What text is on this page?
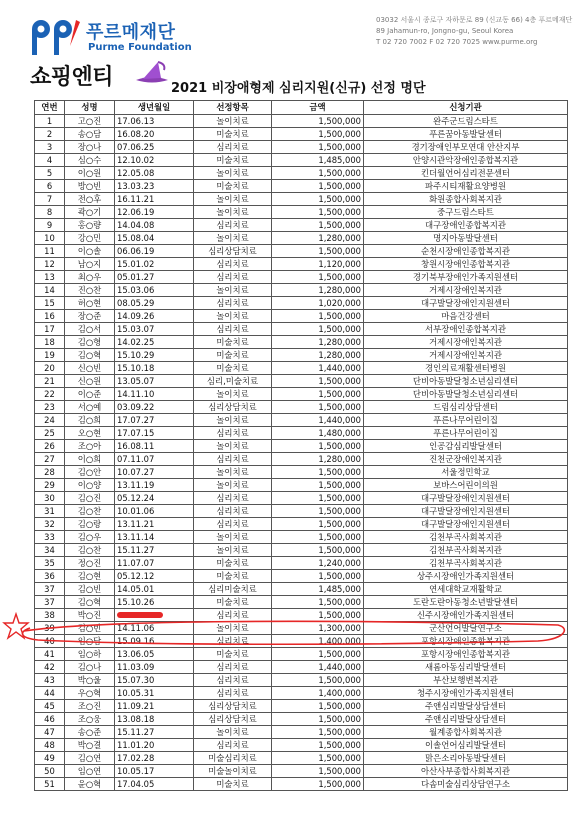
푸르메재단
Purme Foundation
03032 서울시 종로구 자하문로 89 (신교동 66) 4층 푸르메재단
89 Jahamun-ro, Jongno-gu, Seoul Korea
T 02 720 7002 F 02 720 7025 www.purme.org
쇼핑엔티	2021 비장애형제 심리지원(신규) 선정 명단
연번	성명	생년월일	선정항목	금액	신청기관
1	고○진	17.06.13	놀이치료	1,500,000	완주군드림스타트
2	송○담	16.08.20	미술치료	1,500,000	푸른꿈아동발달센터
3	장○나	07.06.25	심리치료	1,500,000	경기장애인부모연대 안산지부
4	심○수	12.10.02	미술치료	1,485,000	안양시관악장애인종합복지관
5	이○원	12.05.08	놀이치료	1,500,000	킨더월언어심리전문센터
6	방○빈	13.03.23	미술치료	1,500,000	파주시티재활요양병원
7	전○후	16.11.21	놀이치료	1,500,000	화원종합사회복지관
8	곽○기	12.06.19	놀이치료	1,500,000	중구드림스타트
9	홍○량	14.04.08	심리치료	1,500,000	대구장애인종합복지관
10	강○민	15.08.04	놀이치료	1,280,000	명지아동발달센터
11	이○솔	06.06.19	심리상담치료	1,500,000	순천시장애인종합복지관
12	남○지	15.01.02	심리치료	1,120,000	창원시장애인종합복지관
13	최○우	05.01.27	심리치료	1,500,000	경기북부장애인가족지원센터
14	진○찬	15.03.06	놀이치료	1,280,000	거제시장애인복지관
15	허○현	08.05.29	심리치료	1,020,000	대구발달장애인지원센터
16	장○준	14.09.26	놀이치료	1,500,000	마음건강센터
17	김○서	15.03.07	심리치료	1,500,000	서부장애인종합복지관
18	김○형	14.02.25	미술치료	1,280,000	거제시장애인복지관
19	김○혁	15.10.29	미술치료	1,280,000	거제시장애인복지관
20	신○빈	15.10.18	미술치료	1,440,000	경인의료재활센터병원
21	신○원	13.05.07	심리,미술치료	1,500,000	단비아동발달청소년심리센터
22	이○준	14.11.10	놀이치료	1,500,000	단비아동발달청소년심리센터
23	서○예	03.09.22	심리상담치료	1,500,000	드림심리상담센터
24	김○희	17.07.27	놀이치료	1,440,000	푸른나무어린이집
25	오○현	17.07.15	심리치료	1,480,000	푸른나무어린이집
26	조○아	16.08.11	놀이치료	1,500,000	인공감심리발달센터
27	이○희	07.11.07	심리치료	1,280,000	진천군장애인복지관
28	김○안	10.07.27	놀이치료	1,500,000	서울정민학교
29	이○양	13.11.19	놀이치료	1,500,000	보바스어린이의원
30	김○진	05.12.24	심리치료	1,500,000	대구발달장애인지원센터
31	김○찬	10.01.06	심리치료	1,500,000	대구발달장애인지원센터
32	김○랑	13.11.21	심리치료	1,500,000	대구발달장애인지원센터
33	김○우	13.11.14	놀이치료	1,500,000	김천부곡사회복지관
34	김○찬	15.11.27	놀이치료	1,500,000	김천부곡사회복지관
35	정○진	11.07.07	미술치료	1,240,000	김천부곡사회복지관
36	김○현	05.12.12	미술치료	1,500,000	상주시장애인가족지원센터
37	김○빈	14.05.01	심리미술치료	1,485,000	연세대학교재활학교
37	김○혁	15.10.26	미술치료	1,500,000	도란도란아동청소년발달센터
38	박○진		심리치료	1,500,000	신주시장애인가족지원센터
39	김○빈	14.11.06	놀이치료	1,300,000	군산언어발달연구소
40	임○담	15.09.16	심리치료	1,400,000	포항시장애인종합복지관
41	임○하	13.06.05	미술치료	1,500,000	포항시장애인종합복지관
42	김○나	11.03.09	심리치료	1,440,000	새롬아동심리발달센터
43	박○울	15.07.30	심리치료	1,500,000	부산보행변복지관
44	우○혁	10.05.31	심리치료	1,400,000	청주시장애인가족지원센터
45	조○진	11.09.21	심리상담치료	1,500,000	주앤심리발달상담센터
46	조○웅	13.08.18	심리상담치료	1,500,000	주앤심리발달상담센터
47	송○준	15.11.27	놀이치료	1,500,000	월계종합사회복지관
48	박○결	11.01.20	심리치료	1,500,000	이솔언어심리발달센터
49	김○연	17.02.28	미술심리치료	1,500,000	맑은소리아동발달센터
50	임○연	10.05.17	미술놀이치료	1,500,000	아산사부종합사회복지관
51	윤○혁	17.04.05	미술치료	1,500,000	다솜미술심리상담연구소
